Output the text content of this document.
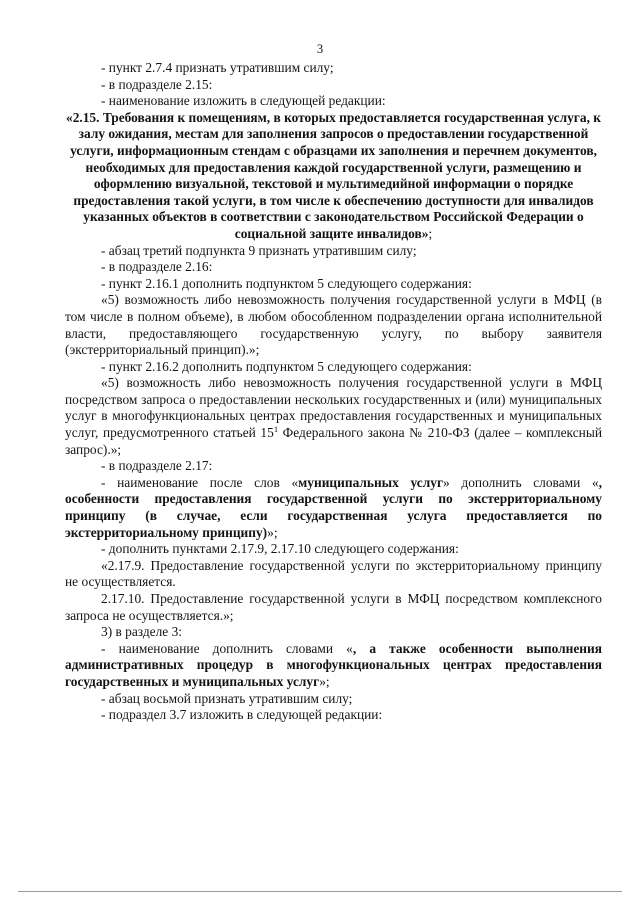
3

- пункт 2.7.4 признать утратившим силу;

- в подразделе 2.15:

- наименование изложить в следующей редакции:

«2.15. Требования к помещениям, в которых предоставляется государственная услуга, к залу ожидания, местам для заполнения запросов о предоставлении государственной услуги, информационным стендам с образцами их заполнения и перечнем документов, необходимых для предоставления каждой государственной услуги, размещению и оформлению визуальной, текстовой и мультимедийной информации о порядке предоставления такой услуги, в том числе к обеспечению доступности для инвалидов указанных объектов в соответствии с законодательством Российской Федерации о социальной защите инвалидов»;

- абзац третий подпункта 9 признать утратившим силу;

- в подразделе 2.16:

- пункт 2.16.1 дополнить подпунктом 5 следующего содержания:

«5) возможность либо невозможность получения государственной услуги в МФЦ (в том числе в полном объеме), в любом обособленном подразделении органа исполнительной власти, предоставляющего государственную услугу, по выбору заявителя (экстерриториальный принцип).»;

- пункт 2.16.2 дополнить подпунктом 5 следующего содержания:

«5) возможность либо невозможность получения государственной услуги в МФЦ посредством запроса о предоставлении нескольких государственных и (или) муниципальных услуг в многофункциональных центрах предоставления государственных и муниципальных услуг, предусмотренного статьей $15^1$ Федерального закона № 210-ФЗ (далее – комплексный запрос).»;

- в подразделе 2.17:

- наименование после слов «муниципальных услуг» дополнить словами «, особенности предоставления государственной услуги по экстерриториальному принципу (в случае, если государственная услуга предоставляется по экстерриториальному принципу)»;

- дополнить пунктами 2.17.9, 2.17.10 следующего содержания:

«2.17.9. Предоставление государственной услуги по экстерриториальному принципу не осуществляется.

2.17.10. Предоставление государственной услуги в МФЦ посредством комплексного запроса не осуществляется.»;

3) в разделе 3:

- наименование дополнить словами «, а также особенности выполнения административных процедур в многофункциональных центрах предоставления государственных и муниципальных услуг»;

- абзац восьмой признать утратившим силу;

- подраздел 3.7 изложить в следующей редакции:
